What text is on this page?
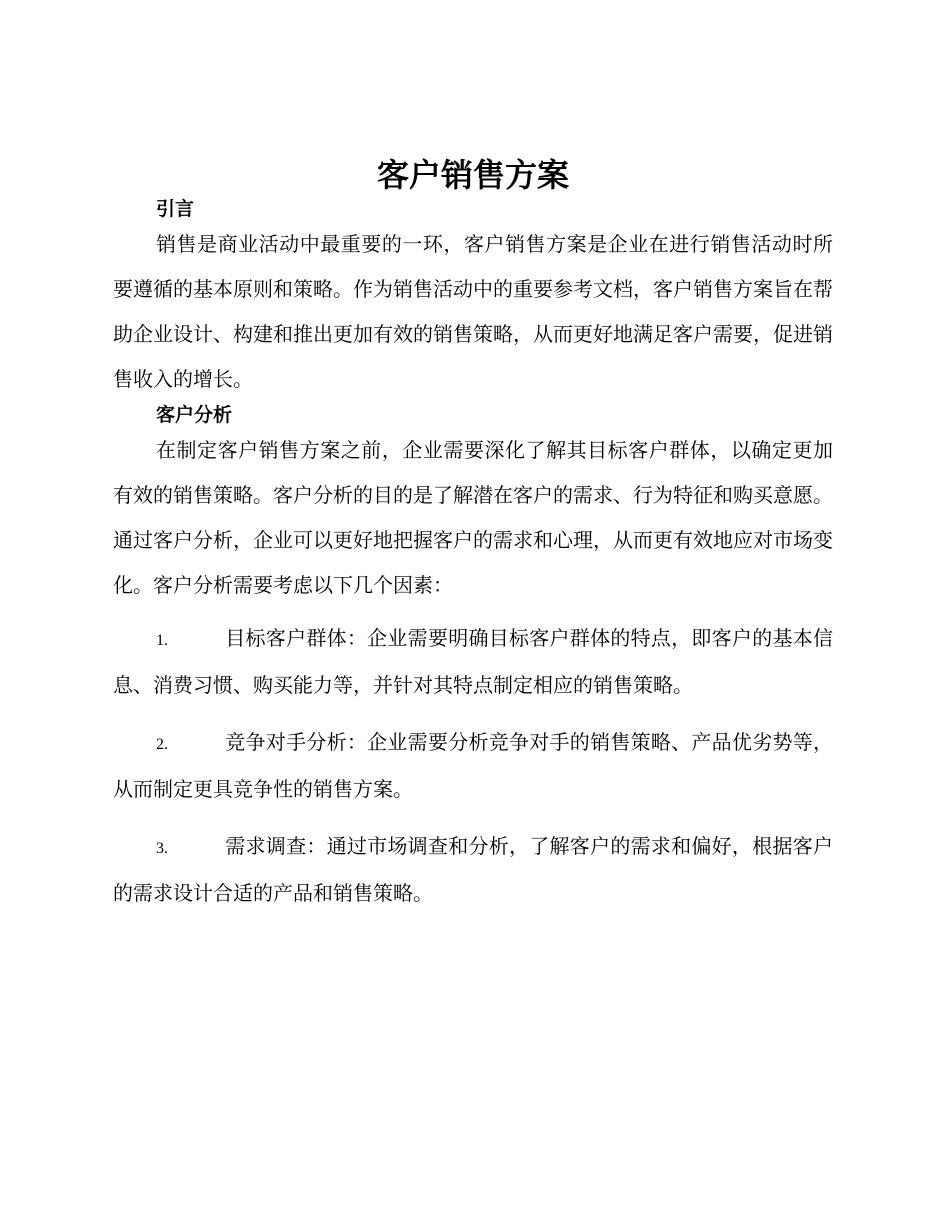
客户销售方案
引言

销售是商业活动中最重要的一环，客户销售方案是企业在进行销售活动时所要遵循的基本原则和策略。作为销售活动中的重要参考文档，客户销售方案旨在帮助企业设计、构建和推出更加有效的销售策略，从而更好地满足客户需要，促进销售收入的增长。

客户分析

在制定客户销售方案之前，企业需要深化了解其目标客户群体，以确定更加有效的销售策略。客户分析的目的是了解潜在客户的需求、行为特征和购买意愿。通过客户分析，企业可以更好地把握客户的需求和心理，从而更有效地应对市场变化。客户分析需要考虑以下几个因素：

1.	目标客户群体：企业需要明确目标客户群体的特点，即客户的基本信息、消费习惯、购买能力等，并针对其特点制定相应的销售策略。
2.	竞争对手分析：企业需要分析竞争对手的销售策略、产品优劣势等，从而制定更具竞争性的销售方案。
3.	需求调查：通过市场调查和分析，了解客户的需求和偏好，根据客户的需求设计合适的产品和销售策略。
